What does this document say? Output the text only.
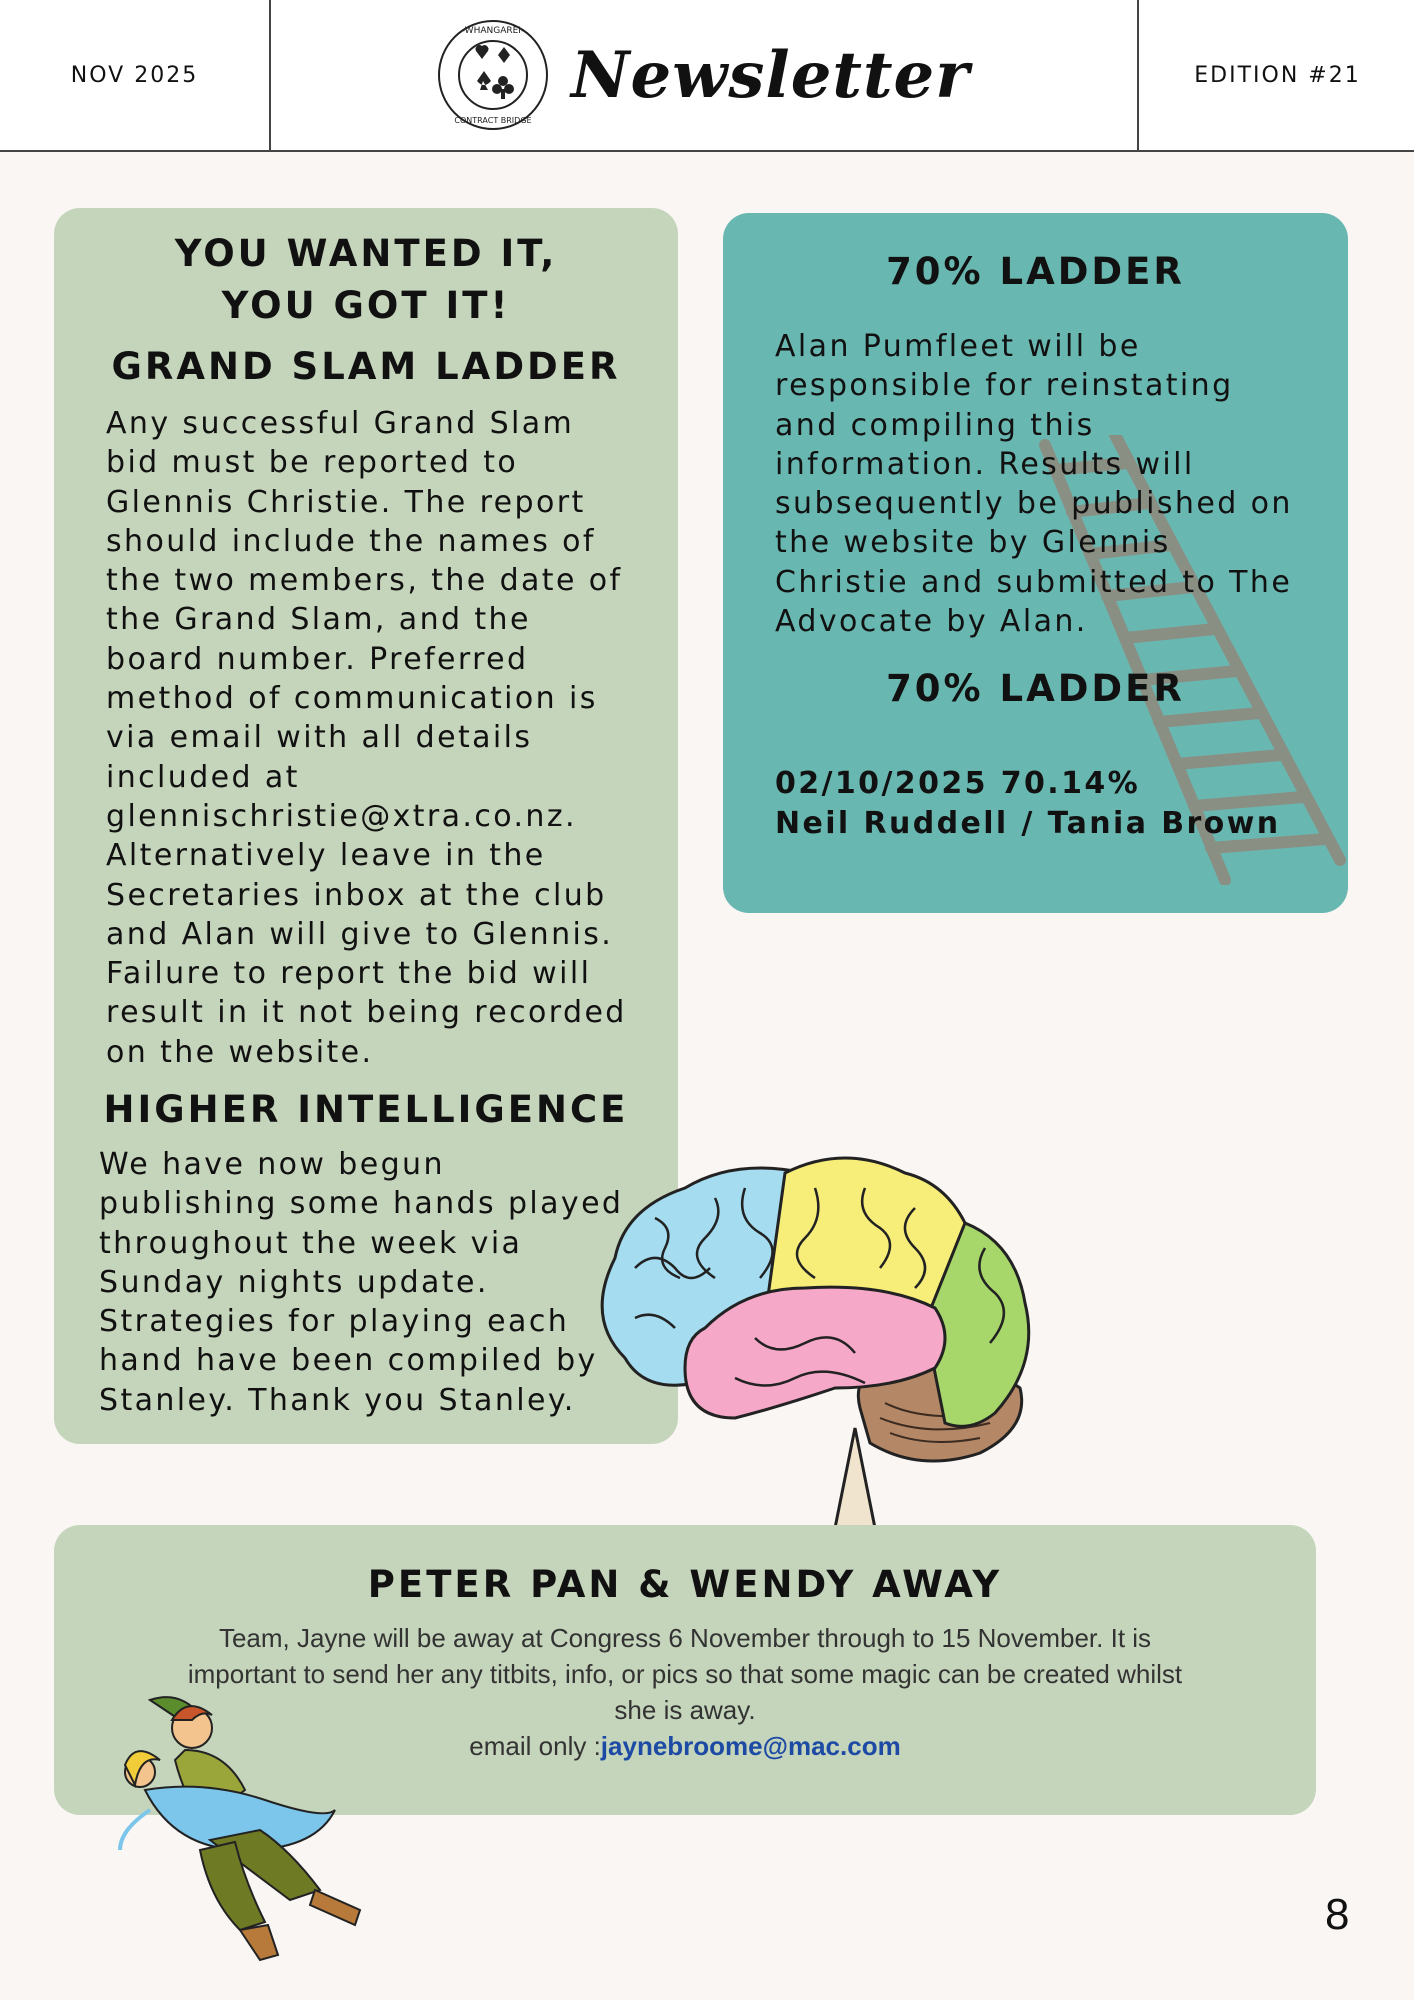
NOV 2025
-WHANGAREI-
CONTRACT BRIDGE
Newsletter	EDITION #21
YOU WANTED IT,
YOU GOT IT!
GRAND SLAM LADDER
Any successful Grand Slam
bid must be reported to
Glennis Christie. The report
should include the names of
the two members, the date of
the Grand Slam, and the
board number. Preferred
method of communication is
via email with all details
included at
glennischristie@xtra.co.nz.
Alternatively leave in the
Secretaries inbox at the club
and Alan will give to Glennis.
Failure to report the bid will
result in it not being recorded
on the website.
HIGHER INTELLIGENCE
We have now begun
publishing some hands played
throughout the week via
Sunday nights update.
Strategies for playing each
hand have been compiled by
Stanley. Thank you Stanley.
70% LADDER
Alan Pumfleet will be
responsible for reinstating
and compiling this
information. Results will
subsequently be published on
the website by Glennis
Christie and submitted to The
Advocate by Alan.
70% LADDER
02/10/2025 70.14%
Neil Ruddell / Tania Brown
PETER PAN & WENDY AWAY
Team, Jayne will be away at Congress 6 November through to 15 November. It is
important to send her any titbits, info, or pics so that some magic can be created whilst
she is away.
email only :jaynebroome@mac.com
8
